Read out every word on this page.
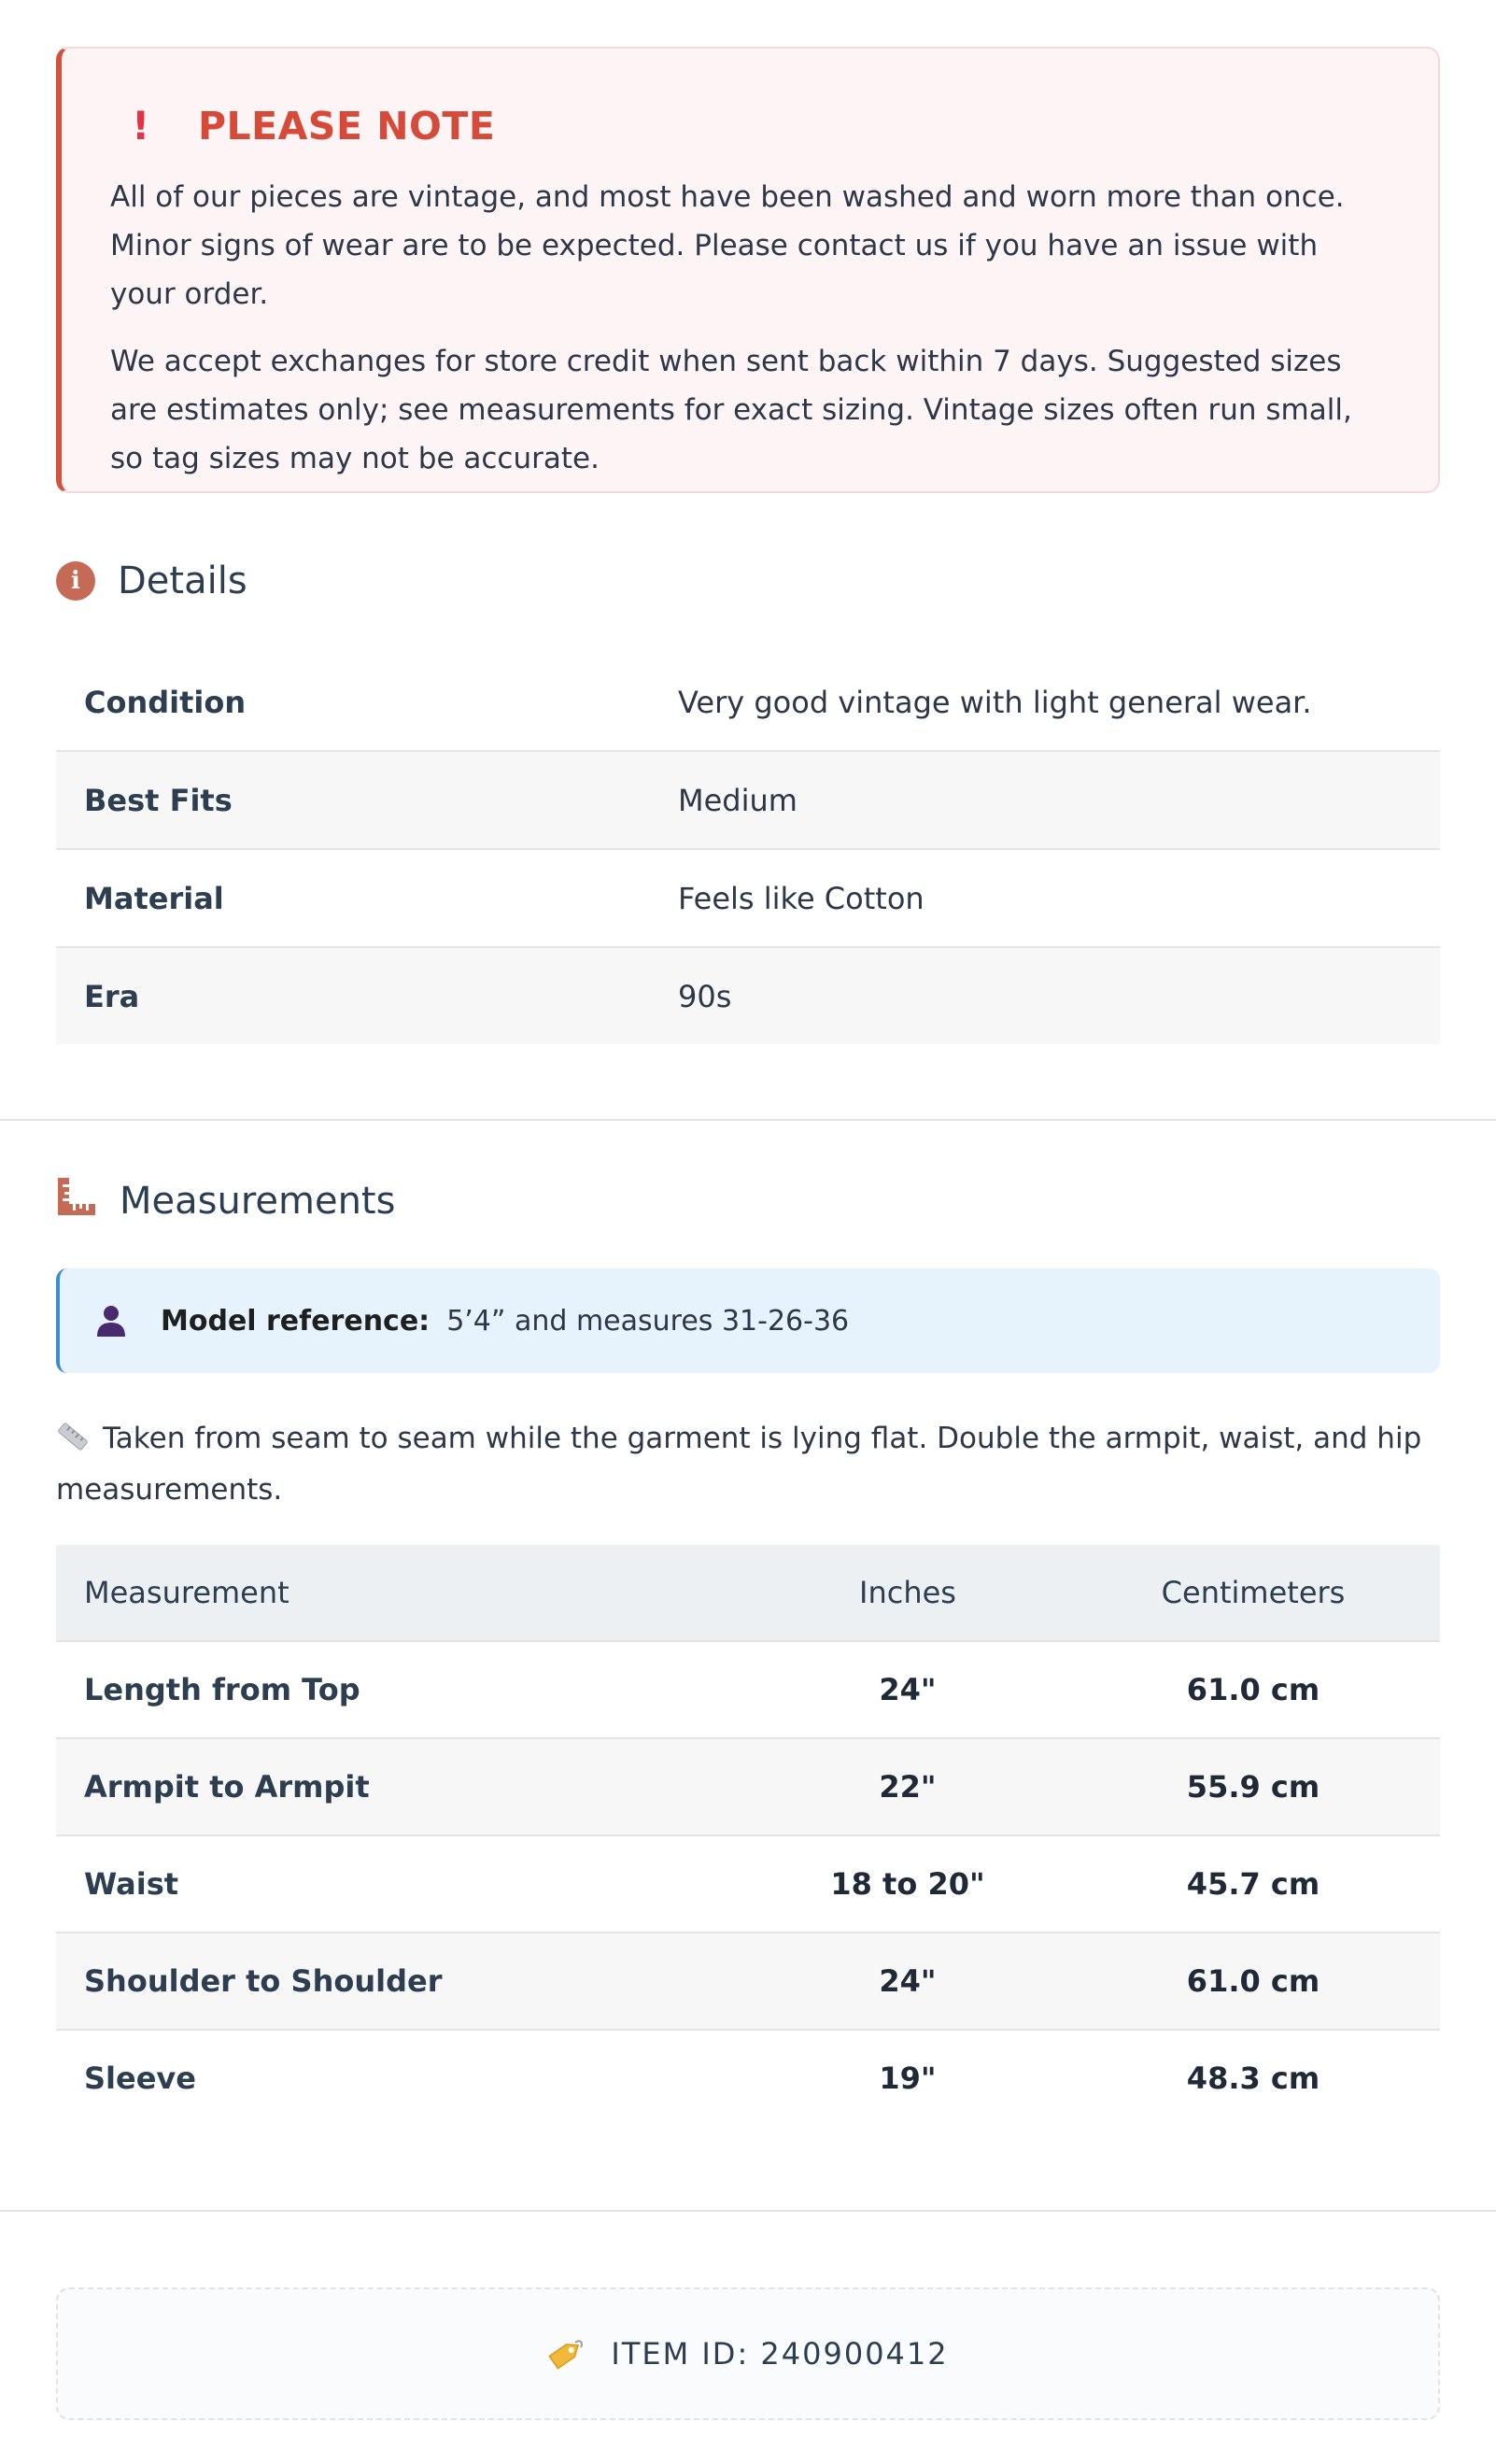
! PLEASE NOTE

All of our pieces are vintage, and most have been washed and worn more than once. Minor signs of wear are to be expected. Please contact us if you have an issue with your order.

We accept exchanges for store credit when sent back within 7 days. Suggested sizes are estimates only; see measurements for exact sizing. Vintage sizes often run small, so tag sizes may not be accurate.

i	Details
Condition	Very good vintage with light general wear.
Best Fits	Medium
Material	Feels like Cotton
Era	90s
Measurements
Model reference: 5’4” and measures 31-26-36

Taken from seam to seam while the garment is lying flat. Double the armpit, waist, and hip measurements.

Measurement	Inches	Centimeters
Length from Top	24"	61.0 cm
Armpit to Armpit	22"	55.9 cm
Waist	18 to 20"	45.7 cm
Shoulder to Shoulder	24"	61.0 cm
Sleeve	19"	48.3 cm
ITEM ID: 240900412
